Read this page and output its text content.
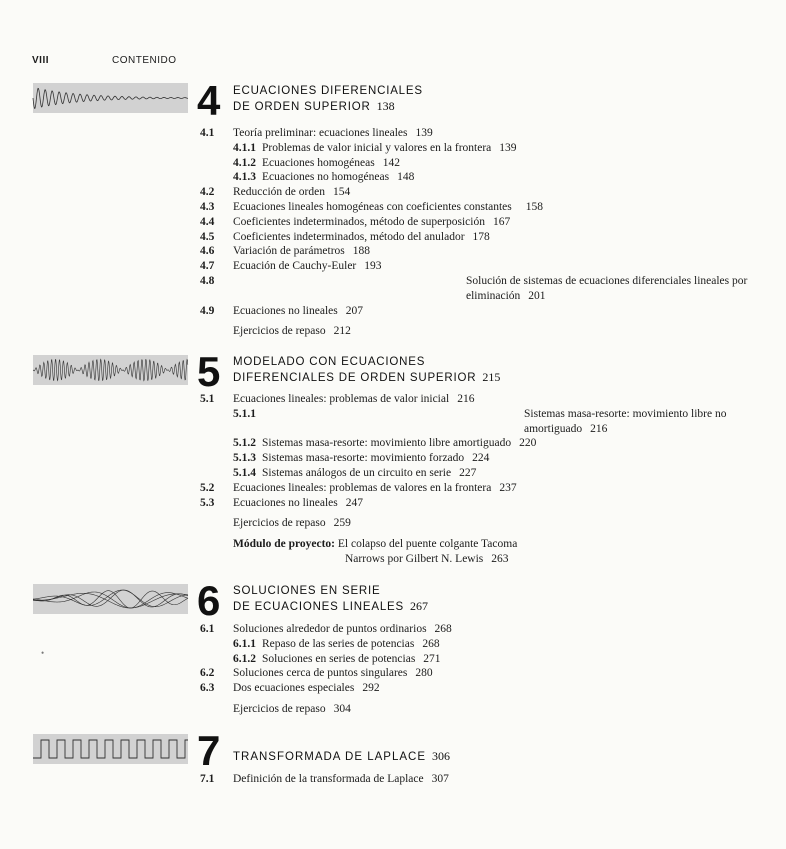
VIII	CONTENIDO
4 ECUACIONES DIFERENCIALES
DE ORDEN SUPERIOR 138
4.1 Teoría preliminar: ecuaciones lineales 139
4.1.1 Problemas de valor inicial y valores en la frontera 139
4.1.2 Ecuaciones homogéneas 142
4.1.3 Ecuaciones no homogéneas 148
4.2 Reducción de orden 154
4.3 Ecuaciones lineales homogéneas con coeficientes constantes 158
4.4 Coeficientes indeterminados, método de superposición 167
4.5 Coeficientes indeterminados, método del anulador 178
4.6 Variación de parámetros 188
4.7 Ecuación de Cauchy-Euler 193
4.8	Solución de sistemas de ecuaciones diferenciales lineales por eliminación 201
4.9 Ecuaciones no lineales 207
Ejercicios de repaso 212
5 MODELADO CON ECUACIONES
DIFERENCIALES DE ORDEN SUPERIOR 215
5.1 Ecuaciones lineales: problemas de valor inicial 216
5.1.1	Sistemas masa-resorte: movimiento libre no amortiguado 216
5.1.2 Sistemas masa-resorte: movimiento libre amortiguado 220
5.1.3 Sistemas masa-resorte: movimiento forzado 224
5.1.4 Sistemas análogos de un circuito en serie 227
5.2 Ecuaciones lineales: problemas de valores en la frontera 237
5.3 Ecuaciones no lineales 247
Ejercicios de repaso 259
Módulo de proyecto: El colapso del puente colgante Tacoma
Narrows por Gilbert N. Lewis 263
6 SOLUCIONES EN SERIE
DE ECUACIONES LINEALES 267
6.1 Soluciones alrededor de puntos ordinarios 268
6.1.1 Repaso de las series de potencias 268
6.1.2 Soluciones en series de potencias 271
6.2 Soluciones cerca de puntos singulares 280
6.3 Dos ecuaciones especiales 292
Ejercicios de repaso 304
7 TRANSFORMADA DE LAPLACE 306
7.1 Definición de la transformada de Laplace 307
•
